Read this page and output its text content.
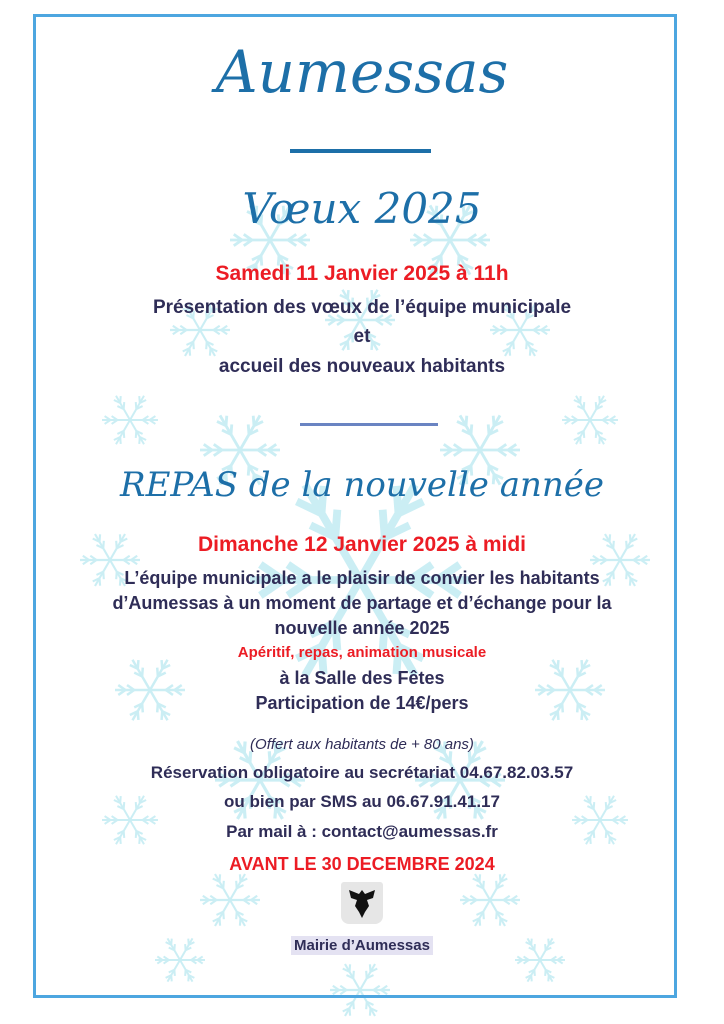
Aumessas
Vœux 2025
Samedi 11 Janvier 2025 à 11h
Présentation des vœux de l’équipe municipale
et
accueil des nouveaux habitants
REPAS de la nouvelle année
Dimanche 12 Janvier 2025 à midi
L’équipe municipale a le plaisir de convier les habitants
d’Aumessas à un moment de partage et d’échange pour la
nouvelle année 2025
Apéritif, repas, animation musicale
à la Salle des Fêtes
Participation de 14€/pers
(Offert aux habitants de + 80 ans)
Réservation obligatoire au secrétariat 04.67.82.03.57
ou bien par SMS au 06.67.91.41.17
Par mail à : contact@aumessas.fr
AVANT LE 30 DECEMBRE 2024
Mairie d’Aumessas
